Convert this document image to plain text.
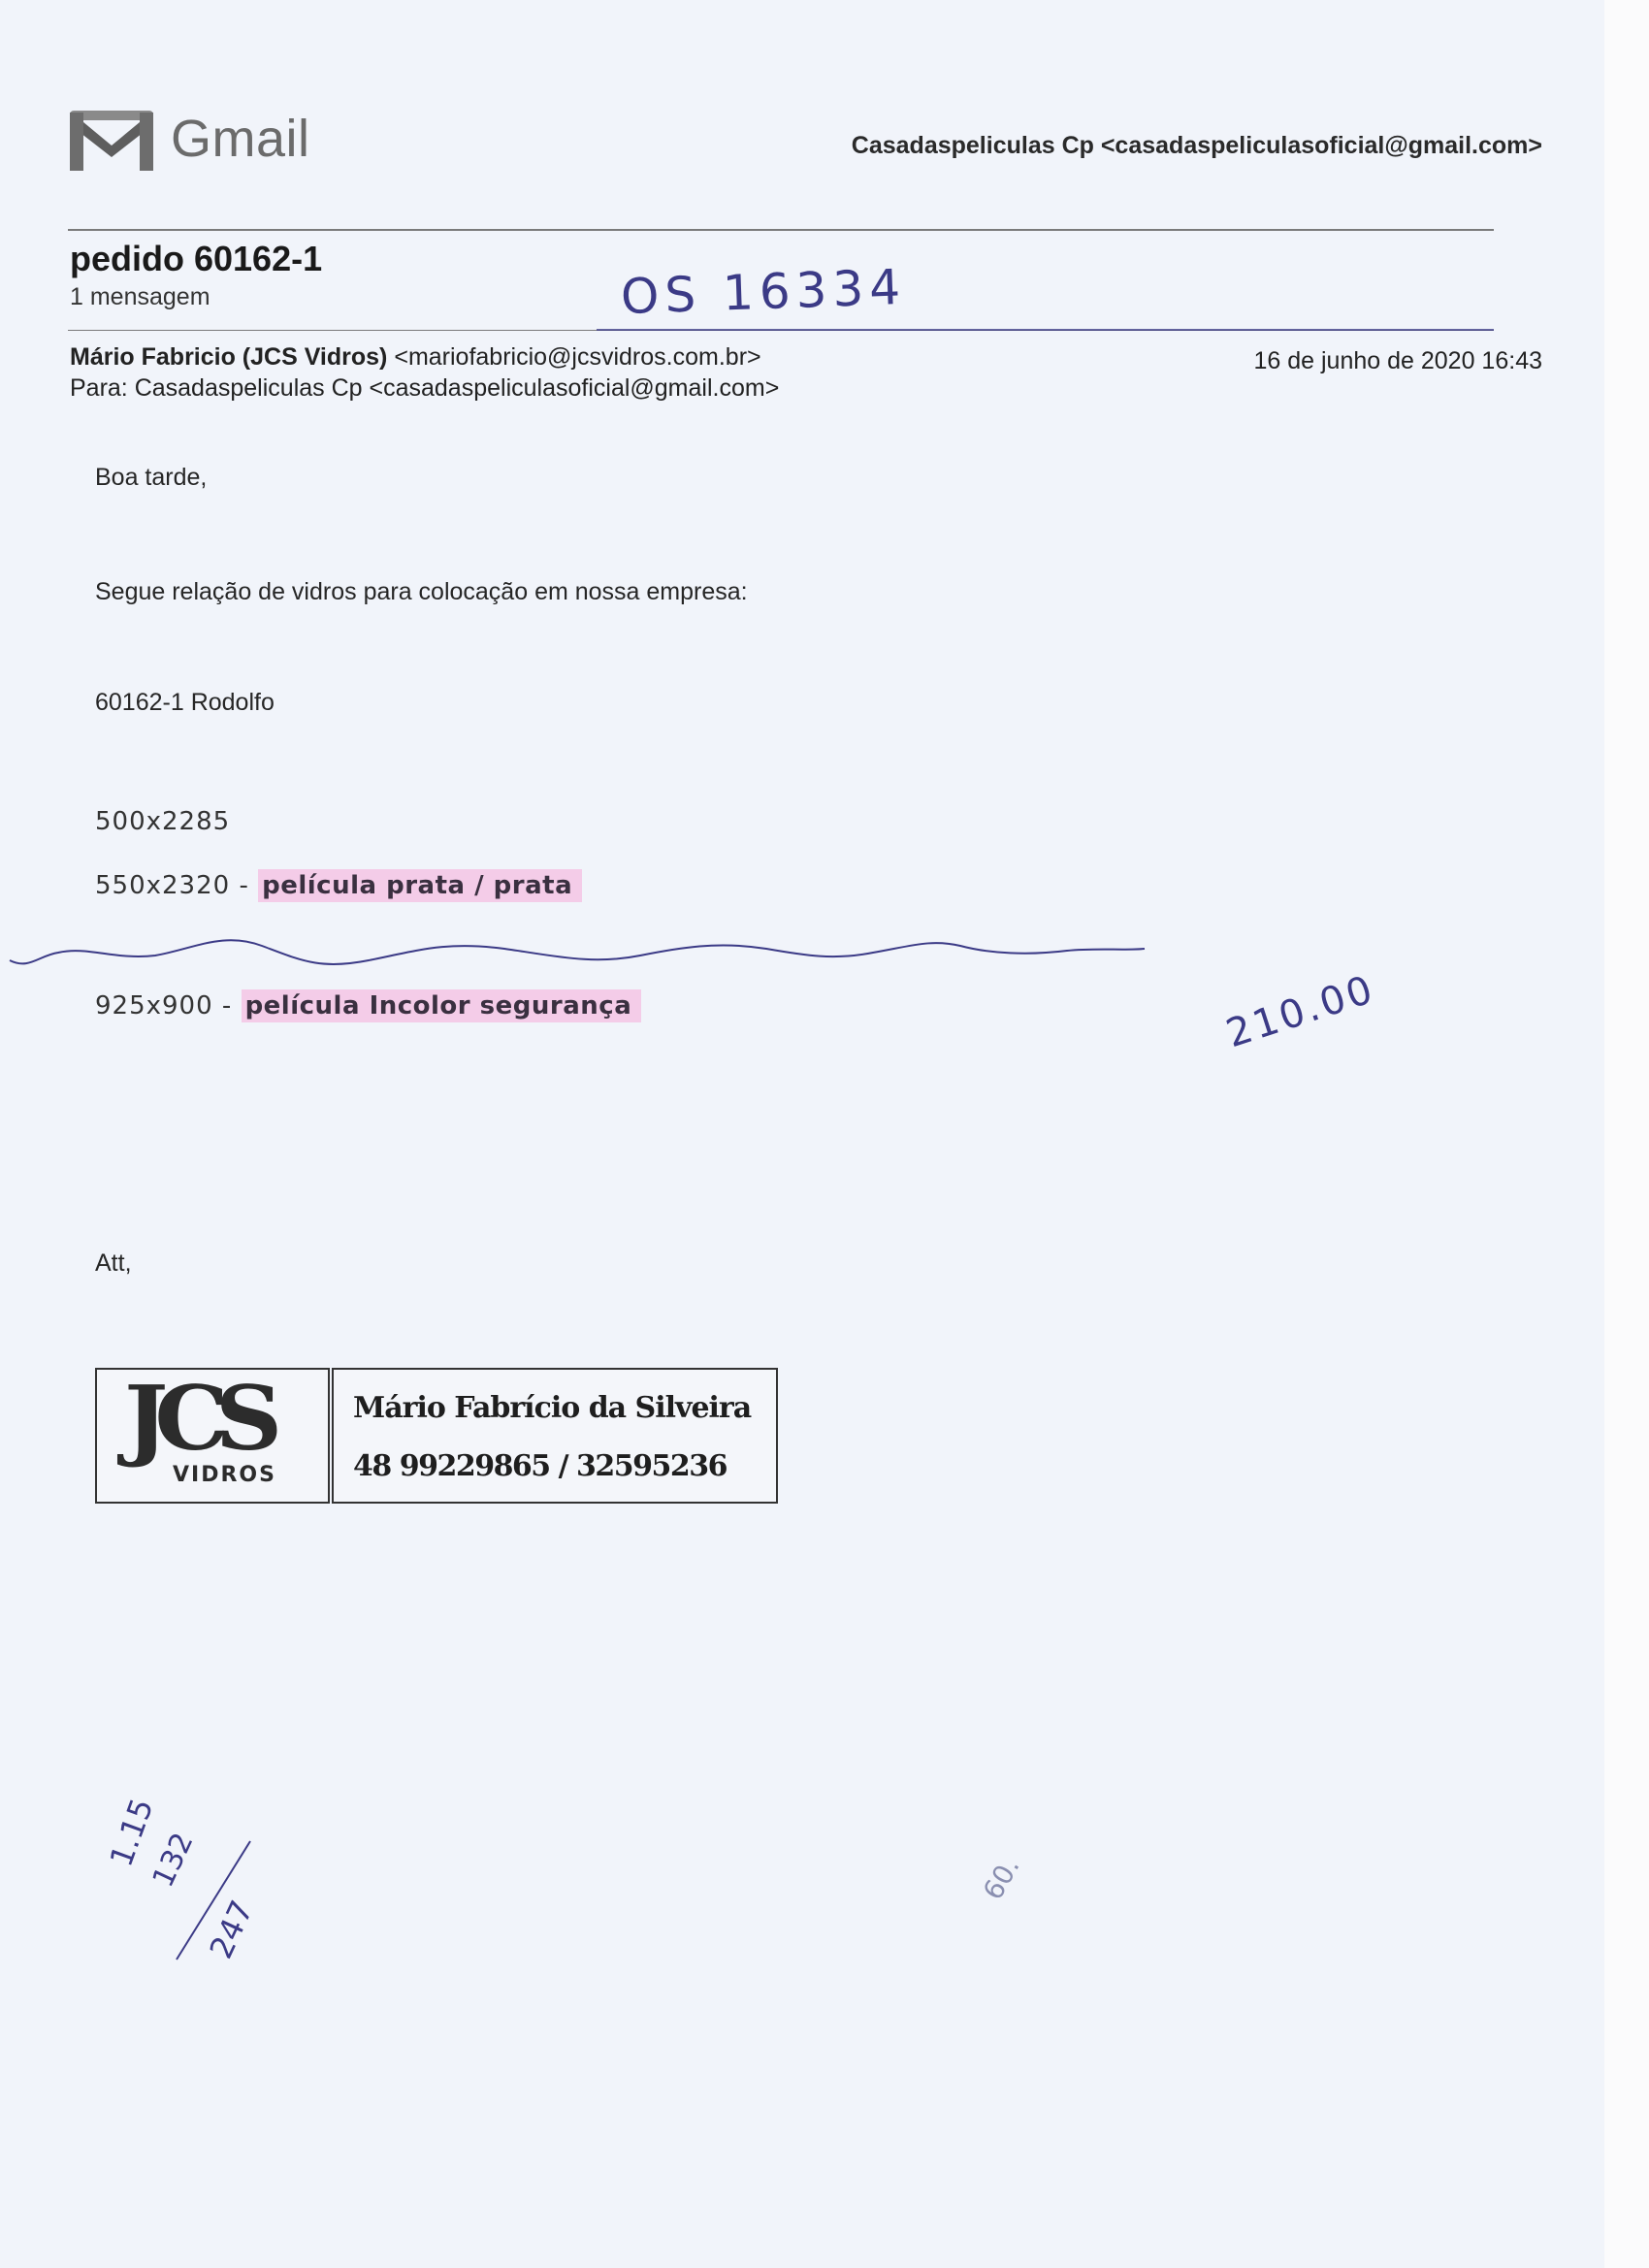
Gmail	Casadaspeliculas Cp <casadaspeliculasoficial@gmail.com>
pedido 60162-1
1 mensagem
Mário Fabricio (JCS Vidros) <mariofabricio@jcsvidros.com.br>
Para: Casadaspeliculas Cp <casadaspeliculasoficial@gmail.com>
16 de junho de 2020 16:43
Boa tarde,
Segue relação de vidros para colocação em nossa empresa:
60162-1 Rodolfo
500x2285
550x2320 - película prata / prata
925x900 - película Incolor segurança
Att,
JCS
VIDROS
Mário Fabrício da Silveira
48 99229865 / 32595236
OS 16334
210.00
1.15
132
247
60.
